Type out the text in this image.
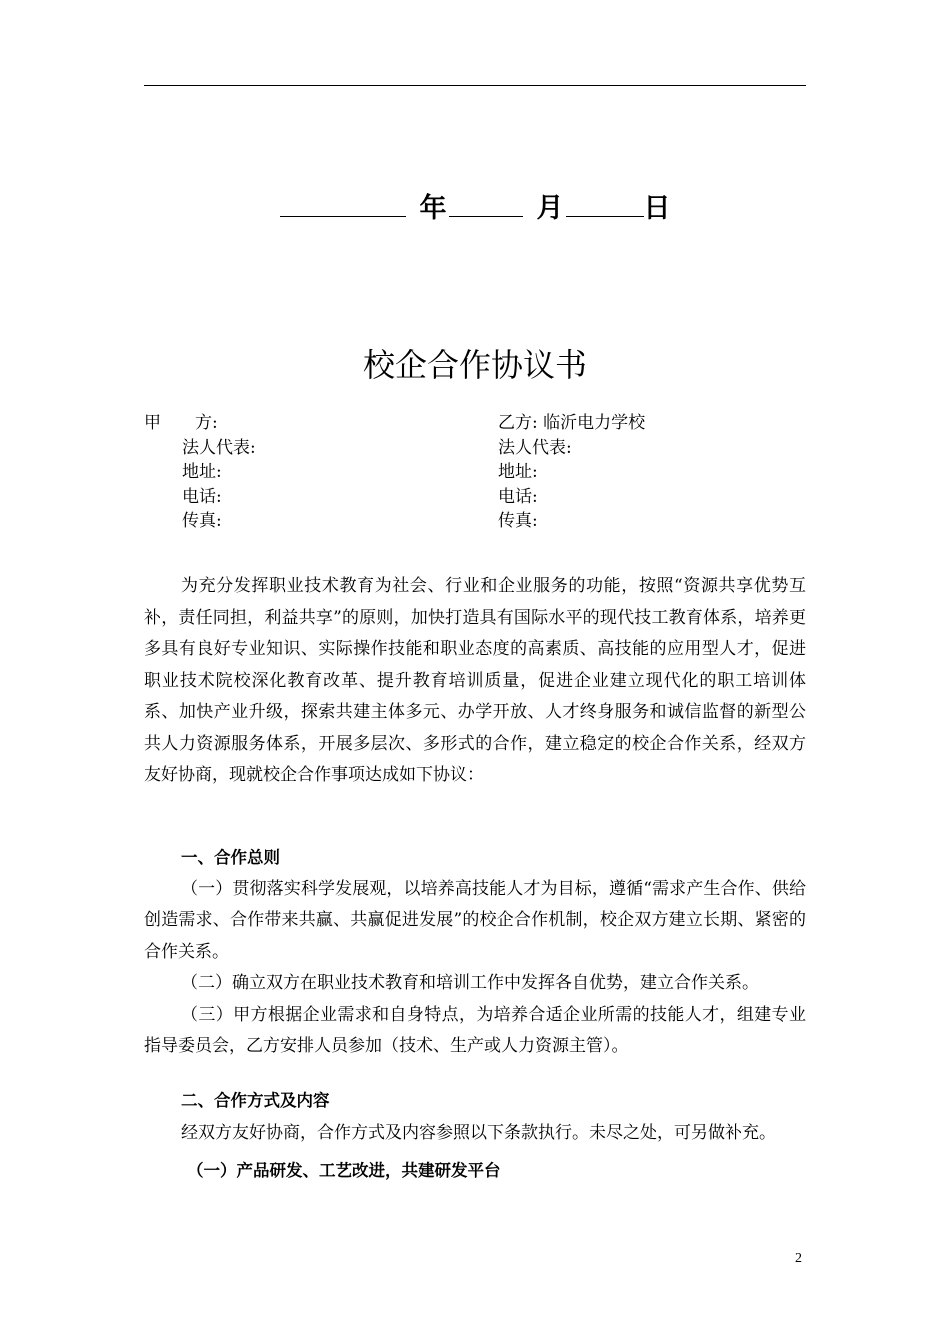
年	月	日
校企合作协议书
甲　　方:
法人代表:
地址:
电话:
传真:
乙方: 临沂电力学校
法人代表:
地址:
电话:
传真:

为充分发挥职业技术教育为社会、行业和企业服务的功能，按照“资源共享优势互补，责任同担，利益共享”的原则，加快打造具有国际水平的现代技工教育体系，培养更多具有良好专业知识、实际操作技能和职业态度的高素质、高技能的应用型人才，促进职业技术院校深化教育改革、提升教育培训质量，促进企业建立现代化的职工培训体系、加快产业升级，探索共建主体多元、办学开放、人才终身服务和诚信监督的新型公共人力资源服务体系，开展多层次、多形式的合作，建立稳定的校企合作关系，经双方友好协商，现就校企合作事项达成如下协议：

一、合作总则

（一）贯彻落实科学发展观，以培养高技能人才为目标，遵循“需求产生合作、供给创造需求、合作带来共赢、共赢促进发展”的校企合作机制，校企双方建立长期、紧密的合作关系。

（二）确立双方在职业技术教育和培训工作中发挥各自优势，建立合作关系。

（三）甲方根据企业需求和自身特点，为培养合适企业所需的技能人才，组建专业指导委员会，乙方安排人员参加（技术、生产或人力资源主管）。

二、合作方式及内容

经双方友好协商，合作方式及内容参照以下条款执行。未尽之处，可另做补充。

（一）产品研发、工艺改进，共建研发平台

2
